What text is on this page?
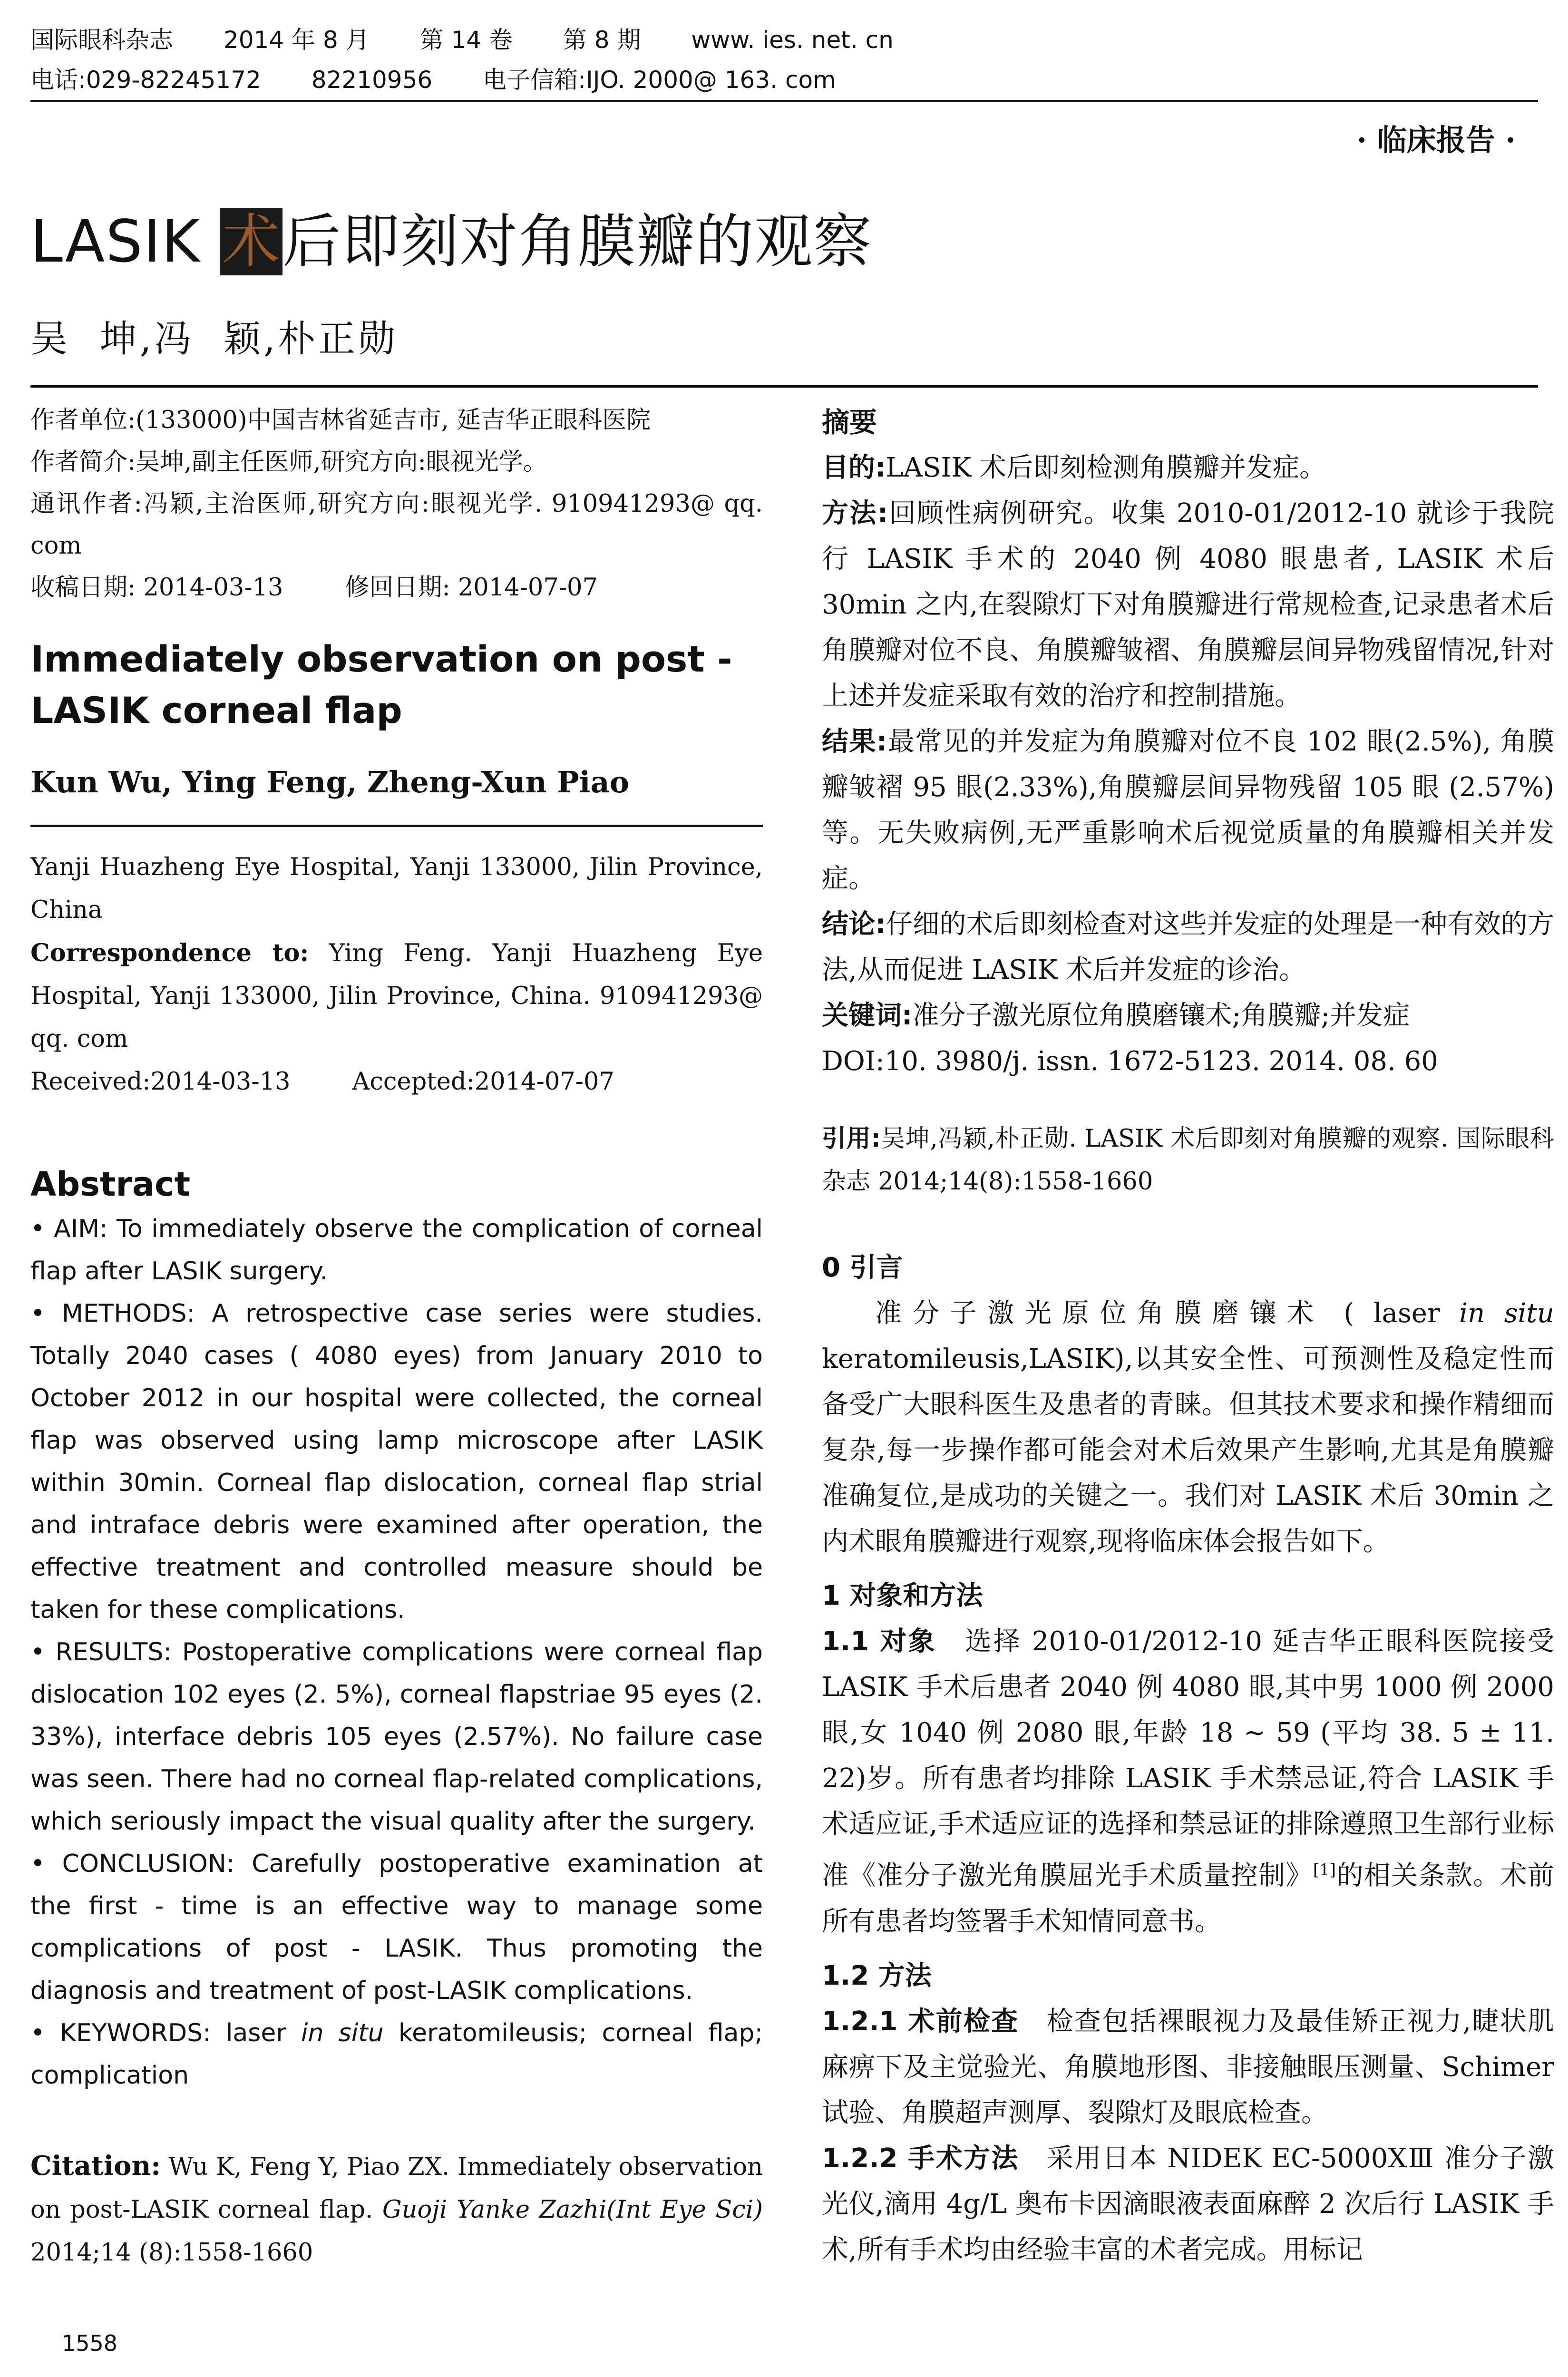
国际眼科杂志 2014 年 8 月 第 14 卷 第 8 期 www. ies. net. cn
电话:029-82245172 82210956 电子信箱:IJO. 2000@ 163. com
· 临床报告 ·
LASIK 术后即刻对角膜瓣的观察
吴  坤,冯  颖,朴正勋
作者单位:(133000)中国吉林省延吉市, 延吉华正眼科医院
作者简介:吴坤,副主任医师,研究方向:眼视光学。
通讯作者:冯颖,主治医师,研究方向:眼视光学. 910941293@ qq. com
收稿日期: 2014-03-13	修回日期: 2014-07-07
Immediately observation on post - LASIK corneal flap
Kun Wu, Ying Feng, Zheng-Xun Piao
Yanji Huazheng Eye Hospital, Yanji 133000, Jilin Province, China
Correspondence to: Ying Feng. Yanji Huazheng Eye Hospital, Yanji 133000, Jilin Province, China. 910941293@ qq. com
Received:2014-03-13	Accepted:2014-07-07
Abstract
• AIM: To immediately observe the complication of corneal flap after LASIK surgery.
• METHODS: A retrospective case series were studies. Totally 2040 cases ( 4080 eyes) from January 2010 to October 2012 in our hospital were collected, the corneal flap was observed using lamp microscope after LASIK within 30min. Corneal flap dislocation, corneal flap strial and intraface debris were examined after operation, the effective treatment and controlled measure should be taken for these complications.
• RESULTS: Postoperative complications were corneal flap dislocation 102 eyes (2. 5%), corneal flapstriae 95 eyes (2. 33%), interface debris 105 eyes (2.57%). No failure case was seen. There had no corneal flap-related complications, which seriously impact the visual quality after the surgery.
• CONCLUSION: Carefully postoperative examination at the first - time is an effective way to manage some complications of post - LASIK. Thus promoting the diagnosis and treatment of post-LASIK complications.
• KEYWORDS: laser in situ keratomileusis; corneal flap; complication
Citation: Wu K, Feng Y, Piao ZX. Immediately observation on post-LASIK corneal flap. Guoji Yanke Zazhi(Int Eye Sci) 2014;14 (8):1558-1660
摘要
目的:LASIK 术后即刻检测角膜瓣并发症。
方法:回顾性病例研究。收集 2010-01/2012-10 就诊于我院行 LASIK 手术的 2040 例 4080 眼患者, LASIK 术后 30min 之内,在裂隙灯下对角膜瓣进行常规检查,记录患者术后角膜瓣对位不良、角膜瓣皱褶、角膜瓣层间异物残留情况,针对上述并发症采取有效的治疗和控制措施。
结果:最常见的并发症为角膜瓣对位不良 102 眼(2.5%), 角膜瓣皱褶 95 眼(2.33%),角膜瓣层间异物残留 105 眼 (2.57%)等。无失败病例,无严重影响术后视觉质量的角膜瓣相关并发症。
结论:仔细的术后即刻检查对这些并发症的处理是一种有效的方法,从而促进 LASIK 术后并发症的诊治。
关键词:准分子激光原位角膜磨镶术;角膜瓣;并发症
DOI:10. 3980/j. issn. 1672-5123. 2014. 08. 60
引用:吴坤,冯颖,朴正勋. LASIK 术后即刻对角膜瓣的观察. 国际眼科杂志 2014;14(8):1558-1660
0 引言

准分子激光原位角膜磨镶术 ( laser in situ keratomileusis,LASIK),以其安全性、可预测性及稳定性而备受广大眼科医生及患者的青睐。但其技术要求和操作精细而复杂,每一步操作都可能会对术后效果产生影响,尤其是角膜瓣准确复位,是成功的关键之一。我们对 LASIK 术后 30min 之内术眼角膜瓣进行观察,现将临床体会报告如下。

1 对象和方法

1.1 对象　选择 2010-01/2012-10 延吉华正眼科医院接受 LASIK 手术后患者 2040 例 4080 眼,其中男 1000 例 2000 眼,女 1040 例 2080 眼,年龄 18 ~ 59 (平均 38. 5 ± 11. 22)岁。所有患者均排除 LASIK 手术禁忌证,符合 LASIK 手术适应证,手术适应证的选择和禁忌证的排除遵照卫生部行业标准《准分子激光角膜屈光手术质量控制》[1]的相关条款。术前所有患者均签署手术知情同意书。

1.2 方法

1.2.1 术前检查　检查包括裸眼视力及最佳矫正视力,睫状肌麻痹下及主觉验光、角膜地形图、非接触眼压测量、Schimer 试验、角膜超声测厚、裂隙灯及眼底检查。

1.2.2 手术方法　采用日本 NIDEK EC-5000XⅢ 准分子激光仪,滴用 4g/L 奥布卡因滴眼液表面麻醉 2 次后行 LASIK 手术,所有手术均由经验丰富的术者完成。用标记

1558
